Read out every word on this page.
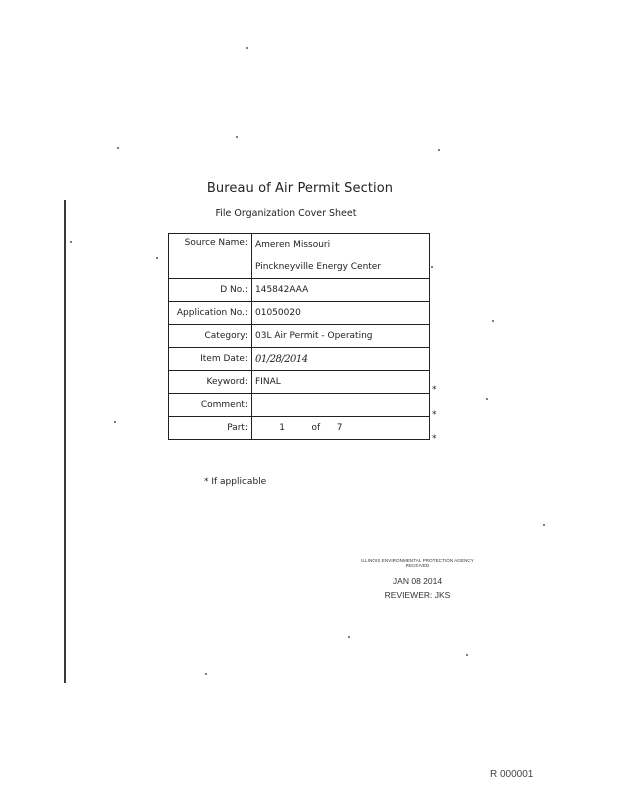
Bureau of Air Permit Section
File Organization Cover Sheet
Source Name:	Ameren Missouri
Pinckneyville Energy Center

D No.:	145842AAA
Application No.:	01050020
Category:	03L Air Permit - Operating
Item Date:	01/28/2014
Keyword:	FINAL
Comment:	
Part:	1 of 7
*
*
*
* If applicable
ILLINOIS ENVIRONMENTAL PROTECTION AGENCY
RECEIVED
JAN 08 2014
REVIEWER: JKS
R 000001
